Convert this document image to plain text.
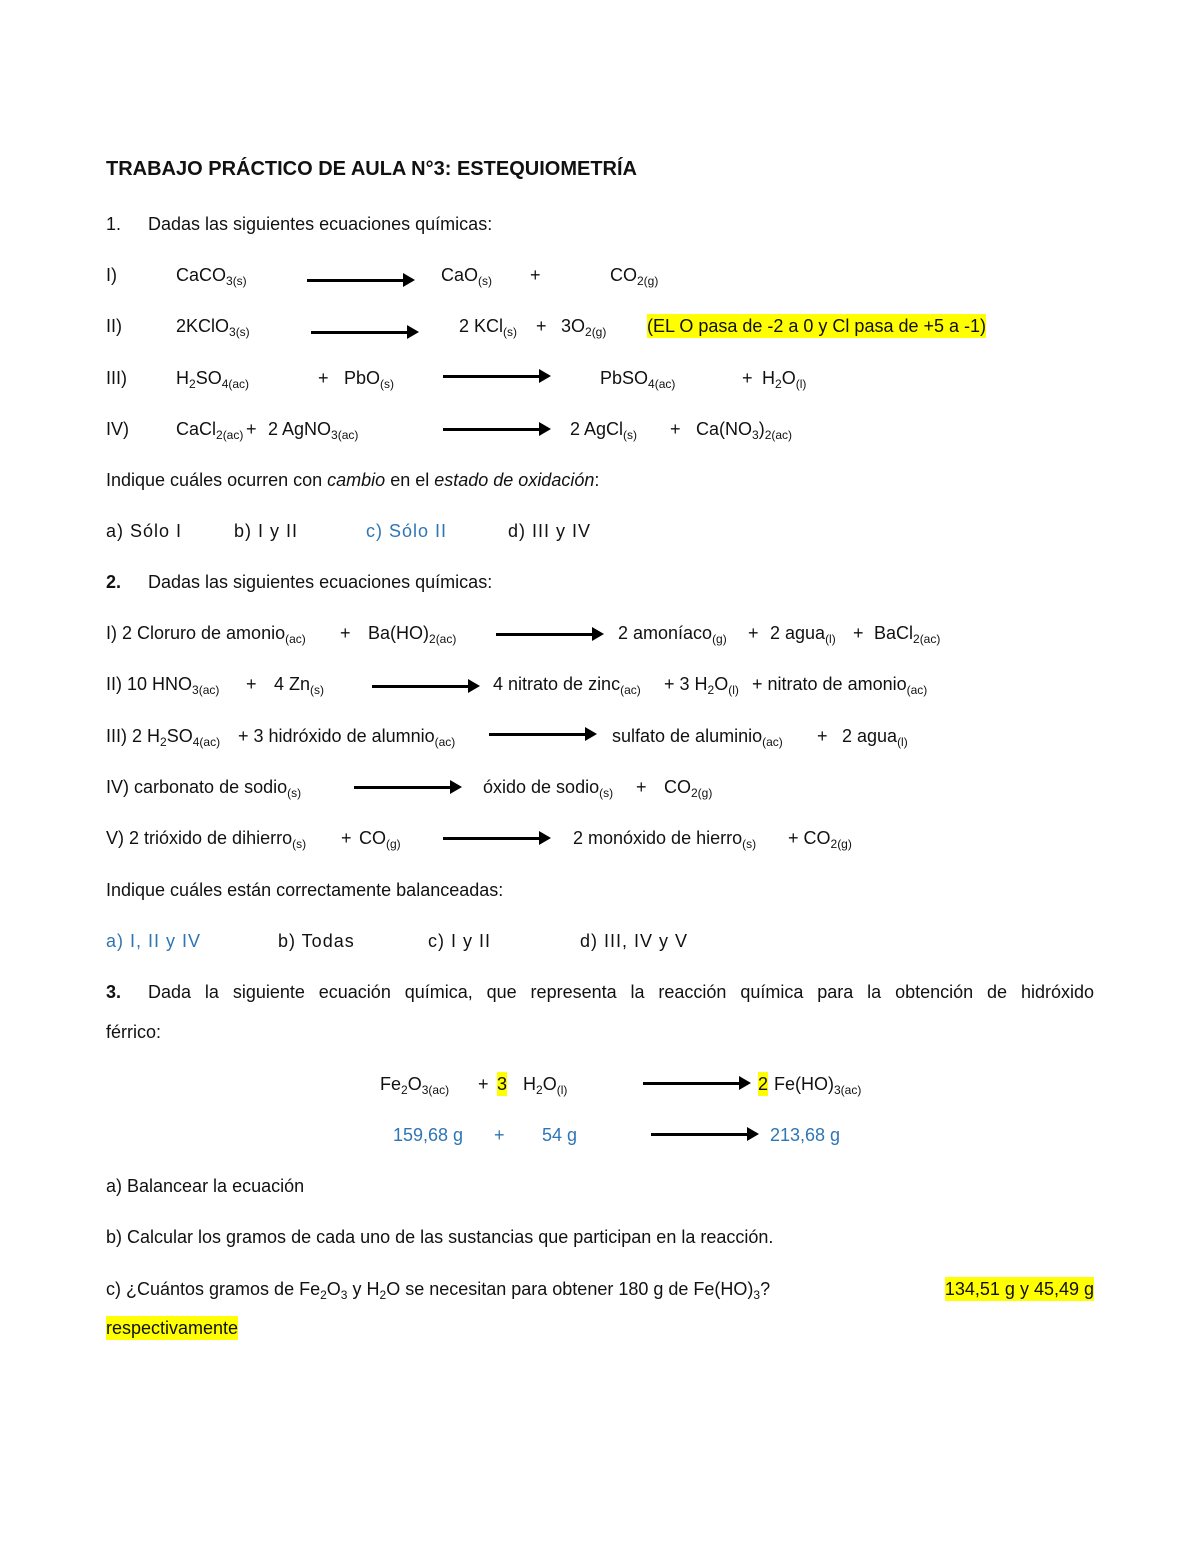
TRABAJO PRÁCTICO DE AULA N°3: ESTEQUIOMETRÍA
1. Dadas las siguientes ecuaciones químicas:
I)	CaCO$_{3(s)}$	CaO$_{(s)}$ +	$CO_{2(g)}$
II)	2KClO$_{3(s)}$	2 $KCl_{(s)} + 3O_{2(g)}$ (EL O pasa de -2 a 0 y Cl pasa de +5 a -1)
III)	$H_2SO_{4(ac)}$	+ PbO$_{(s)}$	PbSO$_{4(ac)}$	+ $H_2O_{(l)}$
IV)	CaCl$_{2(ac)}$ + 2 AgNO$_{3(ac)}$	2 AgCl$_{(s)}$ + $Ca(NO_3)_{2(ac)}$
Indique cuáles ocurren con cambio en el estado de oxidación:
a) Sólo I	b) I y II	c) Sólo II	d) III y IV
2. Dadas las siguientes ecuaciones químicas:
I) 2 Cloruro de amonio$_{(ac)}$ + $Ba(HO)_{2(ac)}$	2 amoníaco$_{(g)}$ + 2 agua$_{(l)}$ + BaCl$_{2(ac)}$
II) 10 $HNO_{3(ac)} + 4$ $Zn_{(s)}$	4 nitrato de zinc$_{(ac)}$ + 3 $H_2O_{(l)}$ + nitrato de amonio$_{(ac)}$
III) 2 $H_2SO_{4(ac)} + 3$ hidróxido de alumnio$_{(ac)}$	sulfato de aluminio$_{(ac)}$ + 2 agua$_{(l)}$
IV) carbonato de sodio$_{(s)}$	óxido de sodio$_{(s)}$ + $CO_{2(g)}$
V) 2 trióxido de dihierro$_{(s)}$ + $CO_{(g)}$	2 monóxido de hierro$_{(s)}$ + $CO_{2(g)}$
Indique cuáles están correctamente balanceadas:
a) I, II y IV	b) Todas	c) I y II	d) III, IV y V
3. Dada la siguiente ecuación química, que representa la reacción química para la obtención de hidróxido
férrico:
$Fe_2O_{3(ac)} + 3$ $H_2O_{(l)}$	2 $Fe(HO)_{3(ac)}$
159,68 g + 54 g	213,68 g
a) Balancear la ecuación
b) Calcular los gramos de cada uno de las sustancias que participan en la reacción.
c) ¿Cuántos gramos de $Fe_2O_3$ y $H_2O$ se necesitan para obtener 180 g de $Fe(HO)_3$?	134,51 g y 45,49 g
respectivamente
